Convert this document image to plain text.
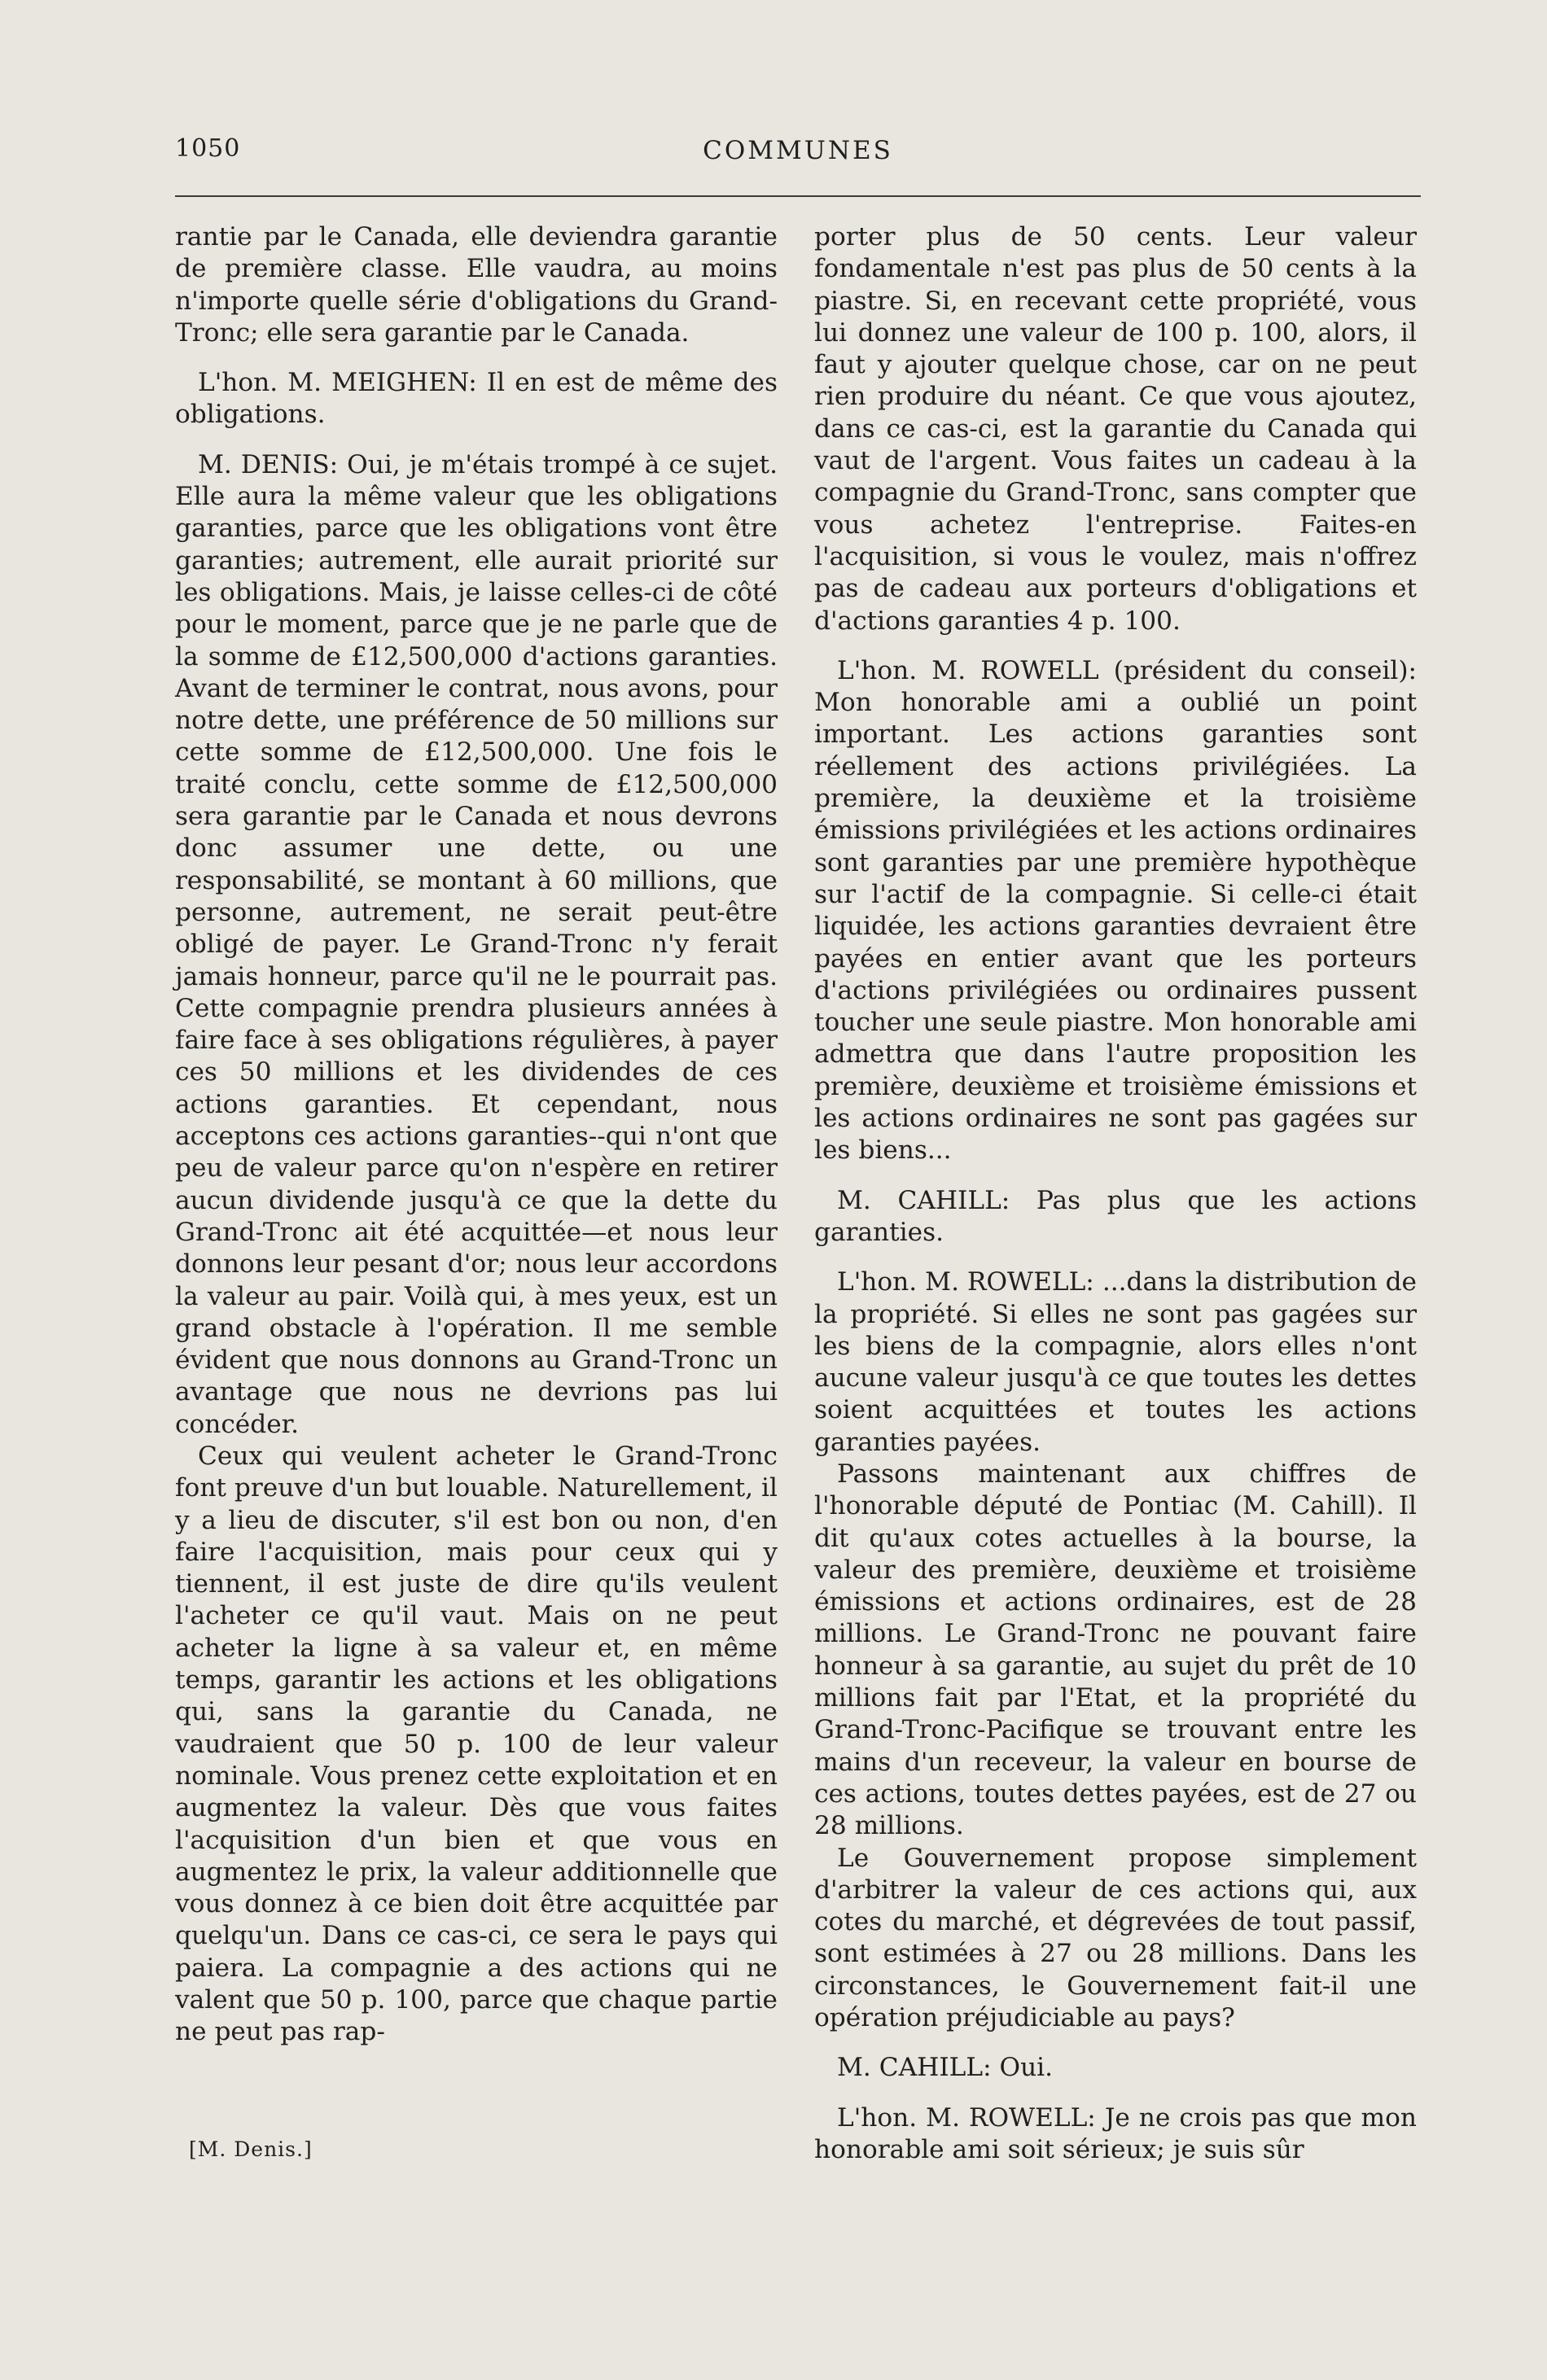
1050	COMMUNES

rantie par le Canada, elle deviendra garantie de première classe. Elle vaudra, au moins n'importe quelle série d'obligations du Grand-Tronc; elle sera garantie par le Canada.

L'hon. M. MEIGHEN: Il en est de même des obligations.

M. DENIS: Oui, je m'étais trompé à ce sujet. Elle aura la même valeur que les obligations garanties, parce que les obligations vont être garanties; autrement, elle aurait priorité sur les obligations. Mais, je laisse celles-ci de côté pour le moment, parce que je ne parle que de la somme de £12,500,000 d'actions garanties. Avant de terminer le contrat, nous avons, pour notre dette, une préférence de 50 millions sur cette somme de £12,500,000. Une fois le traité conclu, cette somme de £12,500,000 sera garantie par le Canada et nous devrons donc assumer une dette, ou une responsabilité, se montant à 60 millions, que personne, autrement, ne serait peut-être obligé de payer. Le Grand-Tronc n'y ferait jamais honneur, parce qu'il ne le pourrait pas. Cette compagnie prendra plusieurs années à faire face à ses obligations régulières, à payer ces 50 millions et les dividendes de ces actions garanties. Et cependant, nous acceptons ces actions garanties--qui n'ont que peu de valeur parce qu'on n'espère en retirer aucun dividende jusqu'à ce que la dette du Grand-Tronc ait été acquittée—et nous leur donnons leur pesant d'or; nous leur accordons la valeur au pair. Voilà qui, à mes yeux, est un grand obstacle à l'opération. Il me semble évident que nous donnons au Grand-Tronc un avantage que nous ne devrions pas lui concéder.

Ceux qui veulent acheter le Grand-Tronc font preuve d'un but louable. Naturellement, il y a lieu de discuter, s'il est bon ou non, d'en faire l'acquisition, mais pour ceux qui y tiennent, il est juste de dire qu'ils veulent l'acheter ce qu'il vaut. Mais on ne peut acheter la ligne à sa valeur et, en même temps, garantir les actions et les obligations qui, sans la garantie du Canada, ne vaudraient que 50 p. 100 de leur valeur nominale. Vous prenez cette exploitation et en augmentez la valeur. Dès que vous faites l'acquisition d'un bien et que vous en augmentez le prix, la valeur additionnelle que vous donnez à ce bien doit être acquittée par quelqu'un. Dans ce cas-ci, ce sera le pays qui paiera. La compagnie a des actions qui ne valent que 50 p. 100, parce que chaque partie ne peut pas rap-

porter plus de 50 cents. Leur valeur fondamentale n'est pas plus de 50 cents à la piastre. Si, en recevant cette propriété, vous lui donnez une valeur de 100 p. 100, alors, il faut y ajouter quelque chose, car on ne peut rien produire du néant. Ce que vous ajoutez, dans ce cas-ci, est la garantie du Canada qui vaut de l'argent. Vous faites un cadeau à la compagnie du Grand-Tronc, sans compter que vous achetez l'entreprise. Faites-en l'acquisition, si vous le voulez, mais n'offrez pas de cadeau aux porteurs d'obligations et d'actions garanties 4 p. 100.

L'hon. M. ROWELL (président du conseil): Mon honorable ami a oublié un point important. Les actions garanties sont réellement des actions privilégiées. La première, la deuxième et la troisième émissions privilégiées et les actions ordinaires sont garanties par une première hypothèque sur l'actif de la compagnie. Si celle-ci était liquidée, les actions garanties devraient être payées en entier avant que les porteurs d'actions privilégiées ou ordinaires pussent toucher une seule piastre. Mon honorable ami admettra que dans l'autre proposition les première, deuxième et troisième émissions et les actions ordinaires ne sont pas gagées sur les biens...

M. CAHILL: Pas plus que les actions garanties.

L'hon. M. ROWELL: ...dans la distribution de la propriété. Si elles ne sont pas gagées sur les biens de la compagnie, alors elles n'ont aucune valeur jusqu'à ce que toutes les dettes soient acquittées et toutes les actions garanties payées.

Passons maintenant aux chiffres de l'honorable député de Pontiac (M. Cahill). Il dit qu'aux cotes actuelles à la bourse, la valeur des première, deuxième et troisième émissions et actions ordinaires, est de 28 millions. Le Grand-Tronc ne pouvant faire honneur à sa garantie, au sujet du prêt de 10 millions fait par l'Etat, et la propriété du Grand-Tronc-Pacifique se trouvant entre les mains d'un receveur, la valeur en bourse de ces actions, toutes dettes payées, est de 27 ou 28 millions.

Le Gouvernement propose simplement d'arbitrer la valeur de ces actions qui, aux cotes du marché, et dégrevées de tout passif, sont estimées à 27 ou 28 millions. Dans les circonstances, le Gouvernement fait-il une opération préjudiciable au pays?

M. CAHILL: Oui.

L'hon. M. ROWELL: Je ne crois pas que mon honorable ami soit sérieux; je suis sûr

[M. Denis.]
